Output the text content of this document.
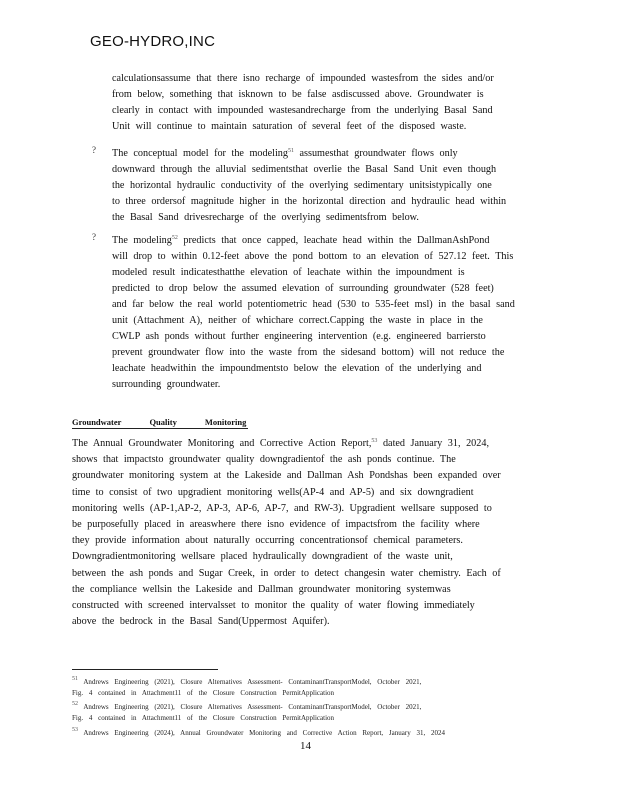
GEO-HYDRO,INC
calculationsassume that there isno recharge of impounded wastesfrom the sides and/or
from below, something that isknown to be false asdiscussed above. Groundwater is
clearly in contact with impounded wastesandrecharge from the underlying Basal Sand
Unit will continue to maintain saturation of several feet of the disposed waste.
? The conceptual model for the modeling$^{51}$ assumesthat groundwater flows only
downward through the alluvial sedimentsthat overlie the Basal Sand Unit even though
the horizontal hydraulic conductivity of the overlying sedimentary unitsistypically one
to three ordersof magnitude higher in the horizontal direction and hydraulic head within
the Basal Sand drivesrecharge of the overlying sedimentsfrom below.
? The modeling$^{52}$ predicts that once capped, leachate head within the DallmanAshPond
will drop to within 0.12-feet above the pond bottom to an elevation of 527.12 feet. This
modeled result indicatesthatthe elevation of leachate within the impoundment is
predicted to drop below the assumed elevation of surrounding groundwater (528 feet)
and far below the real world potentiometric head (530 to 535-feet msl) in the basal sand
unit (Attachment A), neither of whichare correct.Capping the waste in place in the
CWLP ash ponds without further engineering intervention (e.g. engineered barriersto
prevent groundwater flow into the waste from the sidesand bottom) will not reduce the
leachate headwithin the impoundmentsto below the elevation of the underlying and
surrounding groundwater.
Groundwater	Quality	Monitoring
The Annual Groundwater Monitoring and Corrective Action Report,$^{53}$ dated January 31, 2024,
shows that impactsto groundwater quality downgradientof the ash ponds continue. The
groundwater monitoring system at the Lakeside and Dallman Ash Pondshas been expanded over
time to consist of two upgradient monitoring wells(AP-4 and AP-5) and six downgradient
monitoring wells (AP-1,AP-2, AP-3, AP-6, AP-7, and RW-3). Upgradient wellsare supposed to
be purposefully placed in areaswhere there isno evidence of impactsfrom the facility where
they provide information about naturally occurring concentrationsof chemical parameters.
Downgradientmonitoring wellsare placed hydraulically downgradient of the waste unit,
between the ash ponds and Sugar Creek, in order to detect changesin water chemistry. Each of
the compliance wellsin the Lakeside and Dallman groundwater monitoring systemwas
constructed with screened intervalsset to monitor the quality of water flowing immediately
above the bedrock in the Basal Sand(Uppermost Aquifer).
$^{51}$ Andrews Engineering (2021), Closure Alternatives Assessment- ContaminantTransportModel, October 2021,
Fig. 4 contained in Attachment11 of the Closure Construction PermitApplication
$^{52}$ Andrews Engineering (2021), Closure Alternatives Assessment- ContaminantTransportModel, October 2021,
Fig. 4 contained in Attachment11 of the Closure Construction PermitApplication
$^{53}$ Andrews Engineering (2024), Annual Groundwater Monitoring and Corrective Action Report, January 31, 2024
14
